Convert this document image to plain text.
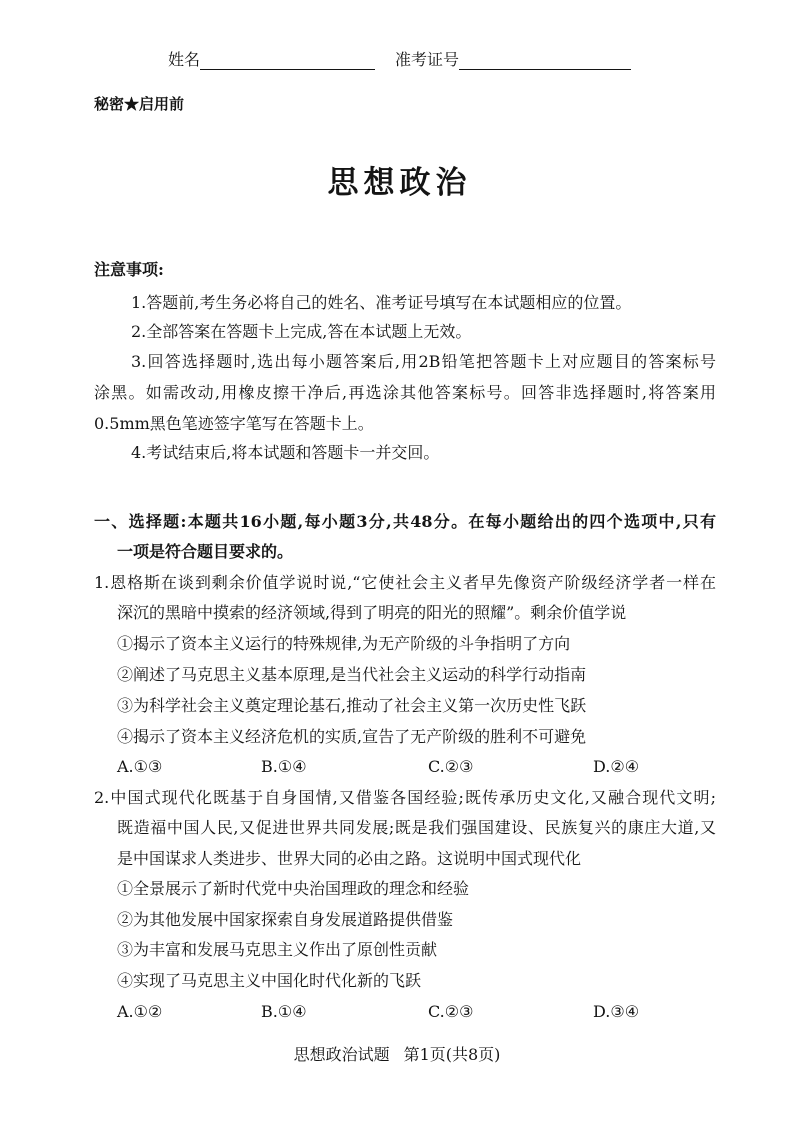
姓名	准考证号
秘密★启用前
思想政治
注意事项:
1.答题前,考生务必将自己的姓名、准考证号填写在本试题相应的位置。
2.全部答案在答题卡上完成,答在本试题上无效。
3.回答选择题时,选出每小题答案后,用2B铅笔把答题卡上对应题目的答案标号
涂黑。如需改动,用橡皮擦干净后,再选涂其他答案标号。回答非选择题时,将答案用
0.5mm黑色笔迹签字笔写在答题卡上。
4.考试结束后,将本试题和答题卡一并交回。
一、选择题:本题共16小题,每小题3分,共48分。在每小题给出的四个选项中,只有
一项是符合题目要求的。
1.恩格斯在谈到剩余价值学说时说,“它使社会主义者早先像资产阶级经济学者一样在
深沉的黑暗中摸索的经济领域,得到了明亮的阳光的照耀”。剩余价值学说
①揭示了资本主义运行的特殊规律,为无产阶级的斗争指明了方向
②阐述了马克思主义基本原理,是当代社会主义运动的科学行动指南
③为科学社会主义奠定理论基石,推动了社会主义第一次历史性飞跃
④揭示了资本主义经济危机的实质,宣告了无产阶级的胜利不可避免
A.①③	B.①④	C.②③	D.②④
2.中国式现代化既基于自身国情,又借鉴各国经验;既传承历史文化,又融合现代文明;
既造福中国人民,又促进世界共同发展;既是我们强国建设、民族复兴的康庄大道,又
是中国谋求人类进步、世界大同的必由之路。这说明中国式现代化
①全景展示了新时代党中央治国理政的理念和经验
②为其他发展中国家探索自身发展道路提供借鉴
③为丰富和发展马克思主义作出了原创性贡献
④实现了马克思主义中国化时代化新的飞跃
A.①②	B.①④	C.②③	D.③④
思想政治试题 第1页(共8页)
